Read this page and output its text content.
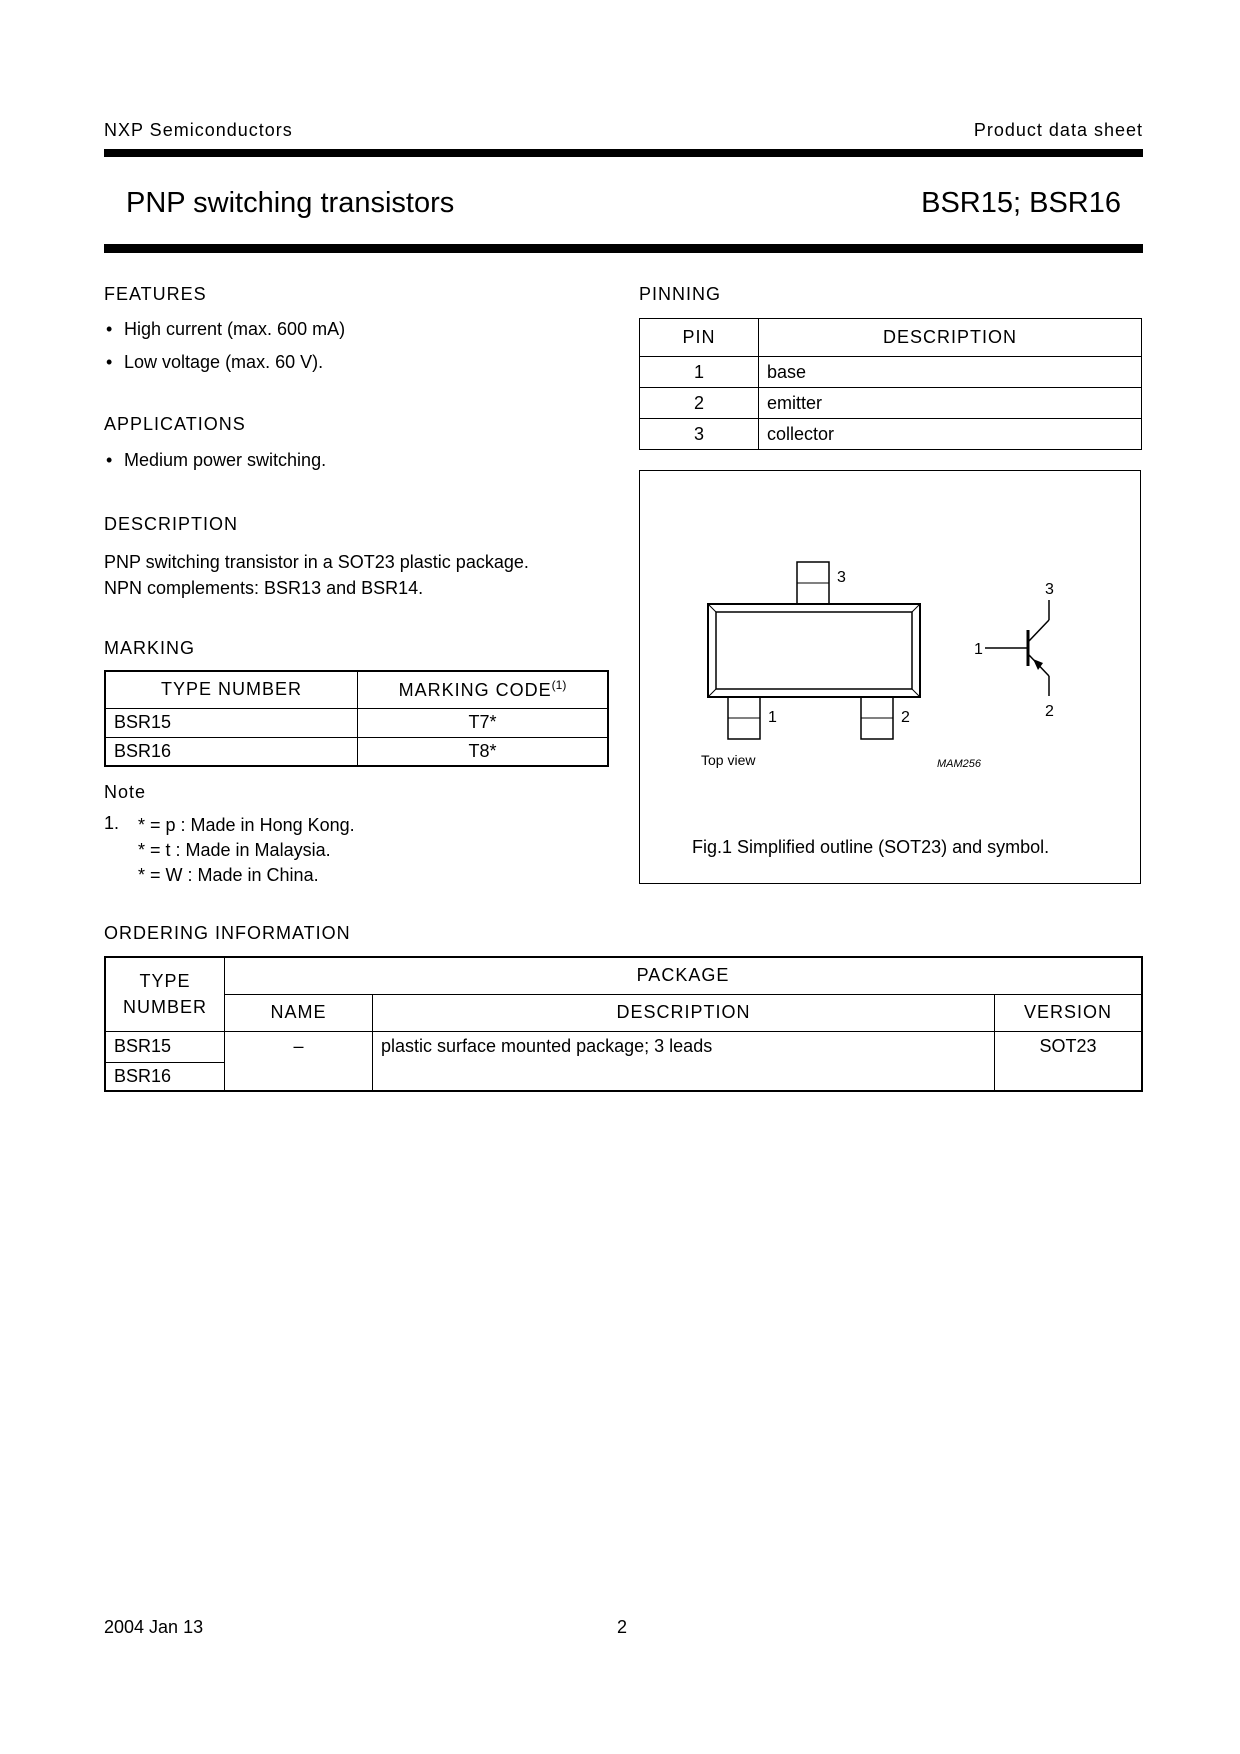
NXP Semiconductors	Product data sheet
PNP switching transistors	BSR15; BSR16
FEATURES
• High current (max. 600 mA)
• Low voltage (max. 60 V).
APPLICATIONS
• Medium power switching.
DESCRIPTION
PNP switching transistor in a SOT23 plastic package.
NPN complements: BSR13 and BSR14.
MARKING
TYPE NUMBER	MARKING CODE$^{(1)}$
BSR15	T7*
BSR16	T8*
Note
1. * = p : Made in Hong Kong.
* = t : Made in Malaysia.
* = W : Made in China.
PINNING
PIN	DESCRIPTION
1	base
2	emitter
3	collector
3
1	2
Top view	MAM256
3
1
2
Fig.1 Simplified outline (SOT23) and symbol.
ORDERING INFORMATION
TYPE NUMBER	PACKAGE		
	NAME	DESCRIPTION	VERSION
BSR15	–	plastic surface mounted package; 3 leads	SOT23
BSR16			
2004 Jan 13	2
